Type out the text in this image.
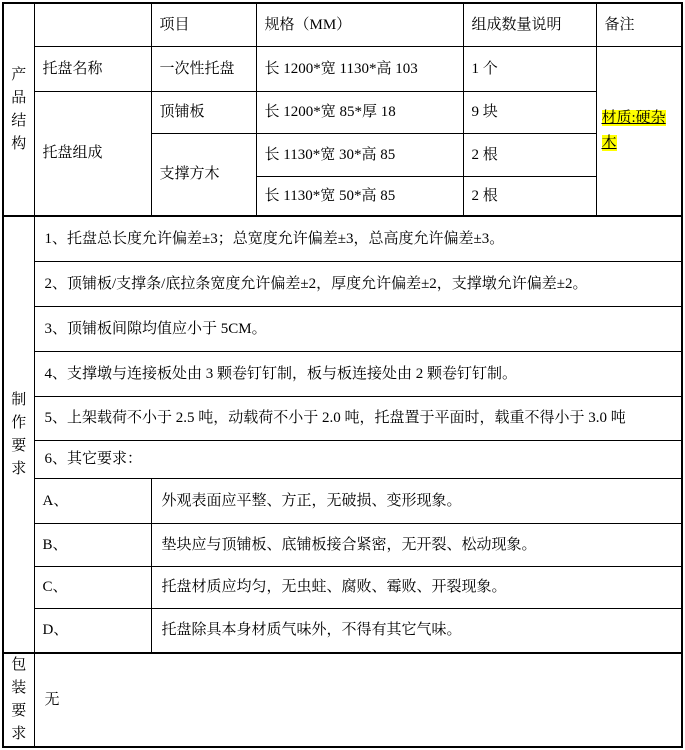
产品结构		项目	规格（MM）	组成数量说明	备注
	托盘名称	一次性托盘	长 1200*宽 1130*高 103	1 个	材质:硬杂木
	托盘组成	顶铺板	长 1200*宽 85*厚 18	9 块	
		支撑方木	长 1130*宽 30*高 85	2 根	
			长 1130*宽 50*高 85	2 根	

制作要求	1、托盘总长度允许偏差±3；总宽度允许偏差±3，总高度允许偏差±3。				
	2、顶铺板/支撑条/底拉条宽度允许偏差±2，厚度允许偏差±2，支撑墩允许偏差±2。				
	3、顶铺板间隙均值应小于 5CM。				
	4、支撑墩与连接板处由 3 颗卷钉钉制，板与板连接处由 2 颗卷钉钉制。				
	5、上架载荷不小于 2.5 吨，动载荷不小于 2.0 吨，托盘置于平面时，载重不得小于 3.0 吨				
	6、其它要求：				
	A、	外观表面应平整、方正，无破损、变形现象。			
	B、	垫块应与顶铺板、底铺板接合紧密，无开裂、松动现象。			
	C、	托盘材质应均匀，无虫蛀、腐败、霉败、开裂现象。			
	D、	托盘除具本身材质气味外，不得有其它气味。			

包装要求	无				
